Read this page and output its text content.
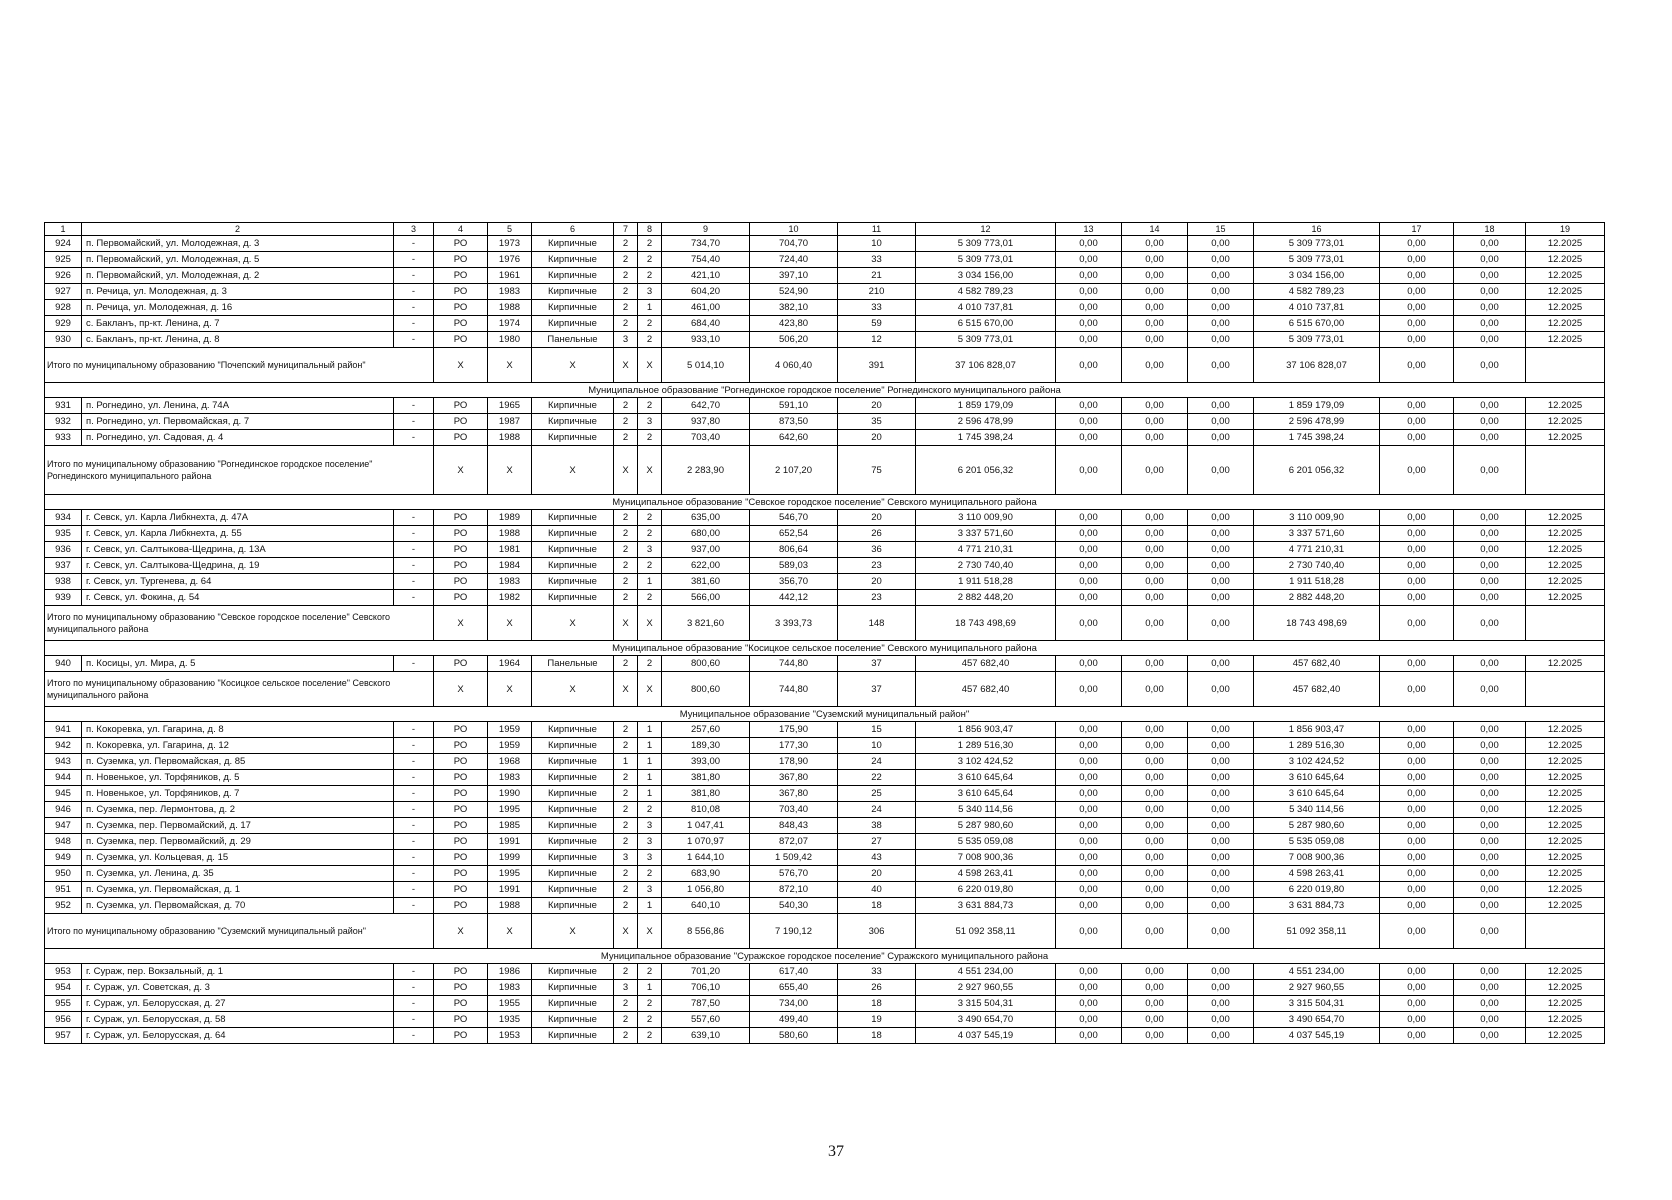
1	2	3	4	5	6	7	8	9	10	11	12	13	14	15	16	17	18	19
924	п. Первомайский, ул. Молодежная, д. 3	-	РО	1973	Кирпичные	2	2	734,70	704,70	10	5 309 773,01	0,00	0,00	0,00	5 309 773,01	0,00	0,00	12.2025
925	п. Первомайский, ул. Молодежная, д. 5	-	РО	1976	Кирпичные	2	2	754,40	724,40	33	5 309 773,01	0,00	0,00	0,00	5 309 773,01	0,00	0,00	12.2025
926	п. Первомайский, ул. Молодежная, д. 2	-	РО	1961	Кирпичные	2	2	421,10	397,10	21	3 034 156,00	0,00	0,00	0,00	3 034 156,00	0,00	0,00	12.2025
927	п. Речица, ул. Молодежная, д. 3	-	РО	1983	Кирпичные	2	3	604,20	524,90	210	4 582 789,23	0,00	0,00	0,00	4 582 789,23	0,00	0,00	12.2025
928	п. Речица, ул. Молодежная, д. 16	-	РО	1988	Кирпичные	2	1	461,00	382,10	33	4 010 737,81	0,00	0,00	0,00	4 010 737,81	0,00	0,00	12.2025
929	с. Бакланъ, пр-кт. Ленина, д. 7	-	РО	1974	Кирпичные	2	2	684,40	423,80	59	6 515 670,00	0,00	0,00	0,00	6 515 670,00	0,00	0,00	12.2025
930	с. Бакланъ, пр-кт. Ленина, д. 8	-	РО	1980	Панельные	3	2	933,10	506,20	12	5 309 773,01	0,00	0,00	0,00	5 309 773,01	0,00	0,00	12.2025
Итого по муниципальному образованию "Почепский муниципальный район"			Х	Х	Х	Х	Х	5 014,10	4 060,40	391	37 106 828,07	0,00	0,00	0,00	37 106 828,07	0,00	0,00	
Муниципальное образование "Рогнединское городское поселение" Рогнединского муниципального района																		
931	п. Рогнедино, ул. Ленина, д. 74А	-	РО	1965	Кирпичные	2	2	642,70	591,10	20	1 859 179,09	0,00	0,00	0,00	1 859 179,09	0,00	0,00	12.2025
932	п. Рогнедино, ул. Первомайская, д. 7	-	РО	1987	Кирпичные	2	3	937,80	873,50	35	2 596 478,99	0,00	0,00	0,00	2 596 478,99	0,00	0,00	12.2025
933	п. Рогнедино, ул. Садовая, д. 4	-	РО	1988	Кирпичные	2	2	703,40	642,60	20	1 745 398,24	0,00	0,00	0,00	1 745 398,24	0,00	0,00	12.2025
Итого по муниципальному образованию "Рогнединское городское поселение" Рогнединского муниципального района			Х	Х	Х	Х	Х	2 283,90	2 107,20	75	6 201 056,32	0,00	0,00	0,00	6 201 056,32	0,00	0,00	
Муниципальное образование "Севское городское поселение" Севского муниципального района																		
934	г. Севск, ул. Карла Либкнехта, д. 47А	-	РО	1989	Кирпичные	2	2	635,00	546,70	20	3 110 009,90	0,00	0,00	0,00	3 110 009,90	0,00	0,00	12.2025
935	г. Севск, ул. Карла Либкнехта, д. 55	-	РО	1988	Кирпичные	2	2	680,00	652,54	26	3 337 571,60	0,00	0,00	0,00	3 337 571,60	0,00	0,00	12.2025
936	г. Севск, ул. Салтыкова-Щедрина, д. 13А	-	РО	1981	Кирпичные	2	3	937,00	806,64	36	4 771 210,31	0,00	0,00	0,00	4 771 210,31	0,00	0,00	12.2025
937	г. Севск, ул. Салтыкова-Щедрина, д. 19	-	РО	1984	Кирпичные	2	2	622,00	589,03	23	2 730 740,40	0,00	0,00	0,00	2 730 740,40	0,00	0,00	12.2025
938	г. Севск, ул. Тургенева, д. 64	-	РО	1983	Кирпичные	2	1	381,60	356,70	20	1 911 518,28	0,00	0,00	0,00	1 911 518,28	0,00	0,00	12.2025
939	г. Севск, ул. Фокина, д. 54	-	РО	1982	Кирпичные	2	2	566,00	442,12	23	2 882 448,20	0,00	0,00	0,00	2 882 448,20	0,00	0,00	12.2025
Итого по муниципальному образованию "Севское городское поселение" Севского муниципального района			Х	Х	Х	Х	Х	3 821,60	3 393,73	148	18 743 498,69	0,00	0,00	0,00	18 743 498,69	0,00	0,00	
Муниципальное образование "Косицкое сельское поселение" Севского муниципального района																		
940	п. Косицы, ул. Мира, д. 5	-	РО	1964	Панельные	2	2	800,60	744,80	37	457 682,40	0,00	0,00	0,00	457 682,40	0,00	0,00	12.2025
Итого по муниципальному образованию "Косицкое сельское поселение" Севского муниципального района			Х	Х	Х	Х	Х	800,60	744,80	37	457 682,40	0,00	0,00	0,00	457 682,40	0,00	0,00	
Муниципальное образование "Суземский муниципальный район"																		
941	п. Кокоревка, ул. Гагарина, д. 8	-	РО	1959	Кирпичные	2	1	257,60	175,90	15	1 856 903,47	0,00	0,00	0,00	1 856 903,47	0,00	0,00	12.2025
942	п. Кокоревка, ул. Гагарина, д. 12	-	РО	1959	Кирпичные	2	1	189,30	177,30	10	1 289 516,30	0,00	0,00	0,00	1 289 516,30	0,00	0,00	12.2025
943	п. Суземка, ул. Первомайская, д. 85	-	РО	1968	Кирпичные	1	1	393,00	178,90	24	3 102 424,52	0,00	0,00	0,00	3 102 424,52	0,00	0,00	12.2025
944	п. Новенькое, ул. Торфяников, д. 5	-	РО	1983	Кирпичные	2	1	381,80	367,80	22	3 610 645,64	0,00	0,00	0,00	3 610 645,64	0,00	0,00	12.2025
945	п. Новенькое, ул. Торфяников, д. 7	-	РО	1990	Кирпичные	2	1	381,80	367,80	25	3 610 645,64	0,00	0,00	0,00	3 610 645,64	0,00	0,00	12.2025
946	п. Суземка, пер. Лермонтова, д. 2	-	РО	1995	Кирпичные	2	2	810,08	703,40	24	5 340 114,56	0,00	0,00	0,00	5 340 114,56	0,00	0,00	12.2025
947	п. Суземка, пер. Первомайский, д. 17	-	РО	1985	Кирпичные	2	3	1 047,41	848,43	38	5 287 980,60	0,00	0,00	0,00	5 287 980,60	0,00	0,00	12.2025
948	п. Суземка, пер. Первомайский, д. 29	-	РО	1991	Кирпичные	2	3	1 070,97	872,07	27	5 535 059,08	0,00	0,00	0,00	5 535 059,08	0,00	0,00	12.2025
949	п. Суземка, ул. Кольцевая, д. 15	-	РО	1999	Кирпичные	3	3	1 644,10	1 509,42	43	7 008 900,36	0,00	0,00	0,00	7 008 900,36	0,00	0,00	12.2025
950	п. Суземка, ул. Ленина, д. 35	-	РО	1995	Кирпичные	2	2	683,90	576,70	20	4 598 263,41	0,00	0,00	0,00	4 598 263,41	0,00	0,00	12.2025
951	п. Суземка, ул. Первомайская, д. 1	-	РО	1991	Кирпичные	2	3	1 056,80	872,10	40	6 220 019,80	0,00	0,00	0,00	6 220 019,80	0,00	0,00	12.2025
952	п. Суземка, ул. Первомайская, д. 70	-	РО	1988	Кирпичные	2	1	640,10	540,30	18	3 631 884,73	0,00	0,00	0,00	3 631 884,73	0,00	0,00	12.2025
Итого по муниципальному образованию "Суземский муниципальный район"			Х	Х	Х	Х	Х	8 556,86	7 190,12	306	51 092 358,11	0,00	0,00	0,00	51 092 358,11	0,00	0,00	
Муниципальное образование "Суражское городское поселение" Суражского муниципального района																		
953	г. Сураж, пер. Вокзальный, д. 1	-	РО	1986	Кирпичные	2	2	701,20	617,40	33	4 551 234,00	0,00	0,00	0,00	4 551 234,00	0,00	0,00	12.2025
954	г. Сураж, ул. Советская, д. 3	-	РО	1983	Кирпичные	3	1	706,10	655,40	26	2 927 960,55	0,00	0,00	0,00	2 927 960,55	0,00	0,00	12.2025
955	г. Сураж, ул. Белорусская, д. 27	-	РО	1955	Кирпичные	2	2	787,50	734,00	18	3 315 504,31	0,00	0,00	0,00	3 315 504,31	0,00	0,00	12.2025
956	г. Сураж, ул. Белорусская, д. 58	-	РО	1935	Кирпичные	2	2	557,60	499,40	19	3 490 654,70	0,00	0,00	0,00	3 490 654,70	0,00	0,00	12.2025
957	г. Сураж, ул. Белорусская, д. 64	-	РО	1953	Кирпичные	2	2	639,10	580,60	18	4 037 545,19	0,00	0,00	0,00	4 037 545,19	0,00	0,00	12.2025
37
